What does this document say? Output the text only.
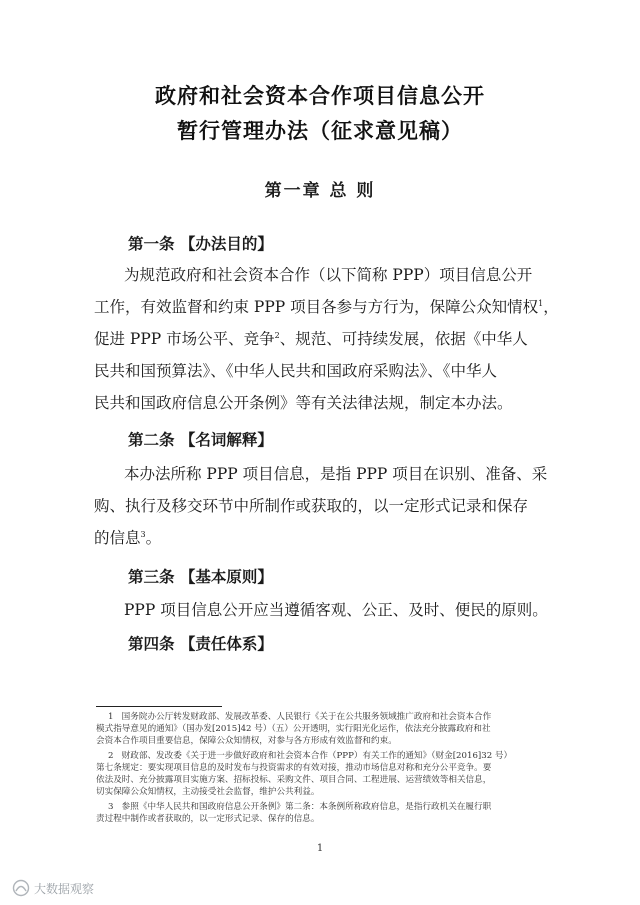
政府和社会资本合作项目信息公开
暂行管理办法（征求意见稿）
第一章 总 则
第一条 【办法目的】
为规范政府和社会资本合作（以下简称 PPP）项目信息公开
工作，有效监督和约束 PPP 项目各参与方行为，保障公众知情权$^1$，
促进 PPP 市场公平、竞争$^2$、规范、可持续发展，依据《中华人
民共和国预算法》、《中华人民共和国政府采购法》、《中华人
民共和国政府信息公开条例》等有关法律法规，制定本办法。
第二条 【名词解释】
本办法所称 PPP 项目信息，是指 PPP 项目在识别、准备、采
购、执行及移交环节中所制作或获取的，以一定形式记录和保存
的信息$^3$。
第三条 【基本原则】
PPP 项目信息公开应当遵循客观、公正、及时、便民的原则。
第四条 【责任体系】
1 国务院办公厅转发财政部、发展改革委、人民银行《关于在公共服务领域推广政府和社会资本合作
模式指导意见的通知》（国办发[2015]42 号）（五）公开透明，实行阳光化运作，依法充分披露政府和社
会资本合作项目重要信息，保障公众知情权，对参与各方形成有效监督和约束。
2 财政部、发改委《关于进一步做好政府和社会资本合作（PPP）有关工作的通知》（财金[2016]32 号）
第七条规定：要实现项目信息的及时发布与投资需求的有效对接，推动市场信息对称和充分公平竞争。要
依法及时、充分披露项目实施方案、招标投标、采购文件、项目合同、工程进展、运营绩效等相关信息，
切实保障公众知情权，主动接受社会监督，维护公共利益。
3 参照《中华人民共和国政府信息公开条例》第二条：本条例所称政府信息，是指行政机关在履行职
责过程中制作或者获取的，以一定形式记录、保存的信息。
1
大数据观察
